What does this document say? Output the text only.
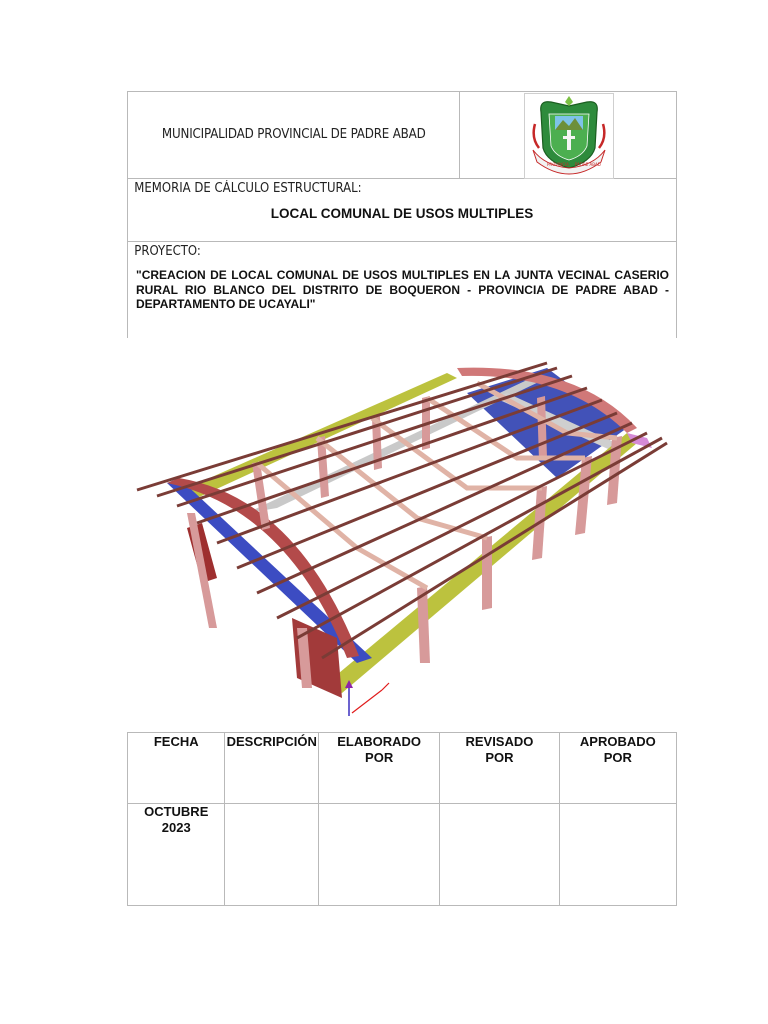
MUNICIPALIDAD PROVINCIAL DE PADRE ABAD

PROVINCIA PADRE ABAD

MEMORIA DE CÁLCULO ESTRUCTURAL:
LOCAL COMUNAL DE USOS MULTIPLES

PROYECTO:
"CREACION DE LOCAL COMUNAL DE USOS MULTIPLES EN LA JUNTA VECINAL CASERIO RURAL RIO BLANCO DEL DISTRITO DE BOQUERON - PROVINCIA DE PADRE ABAD - DEPARTAMENTO DE UCAYALI"
FECHA	DESCRIPCIÓN	ELABORADO POR	REVISADO POR	APROBADO POR
OCTUBRE 2023				
